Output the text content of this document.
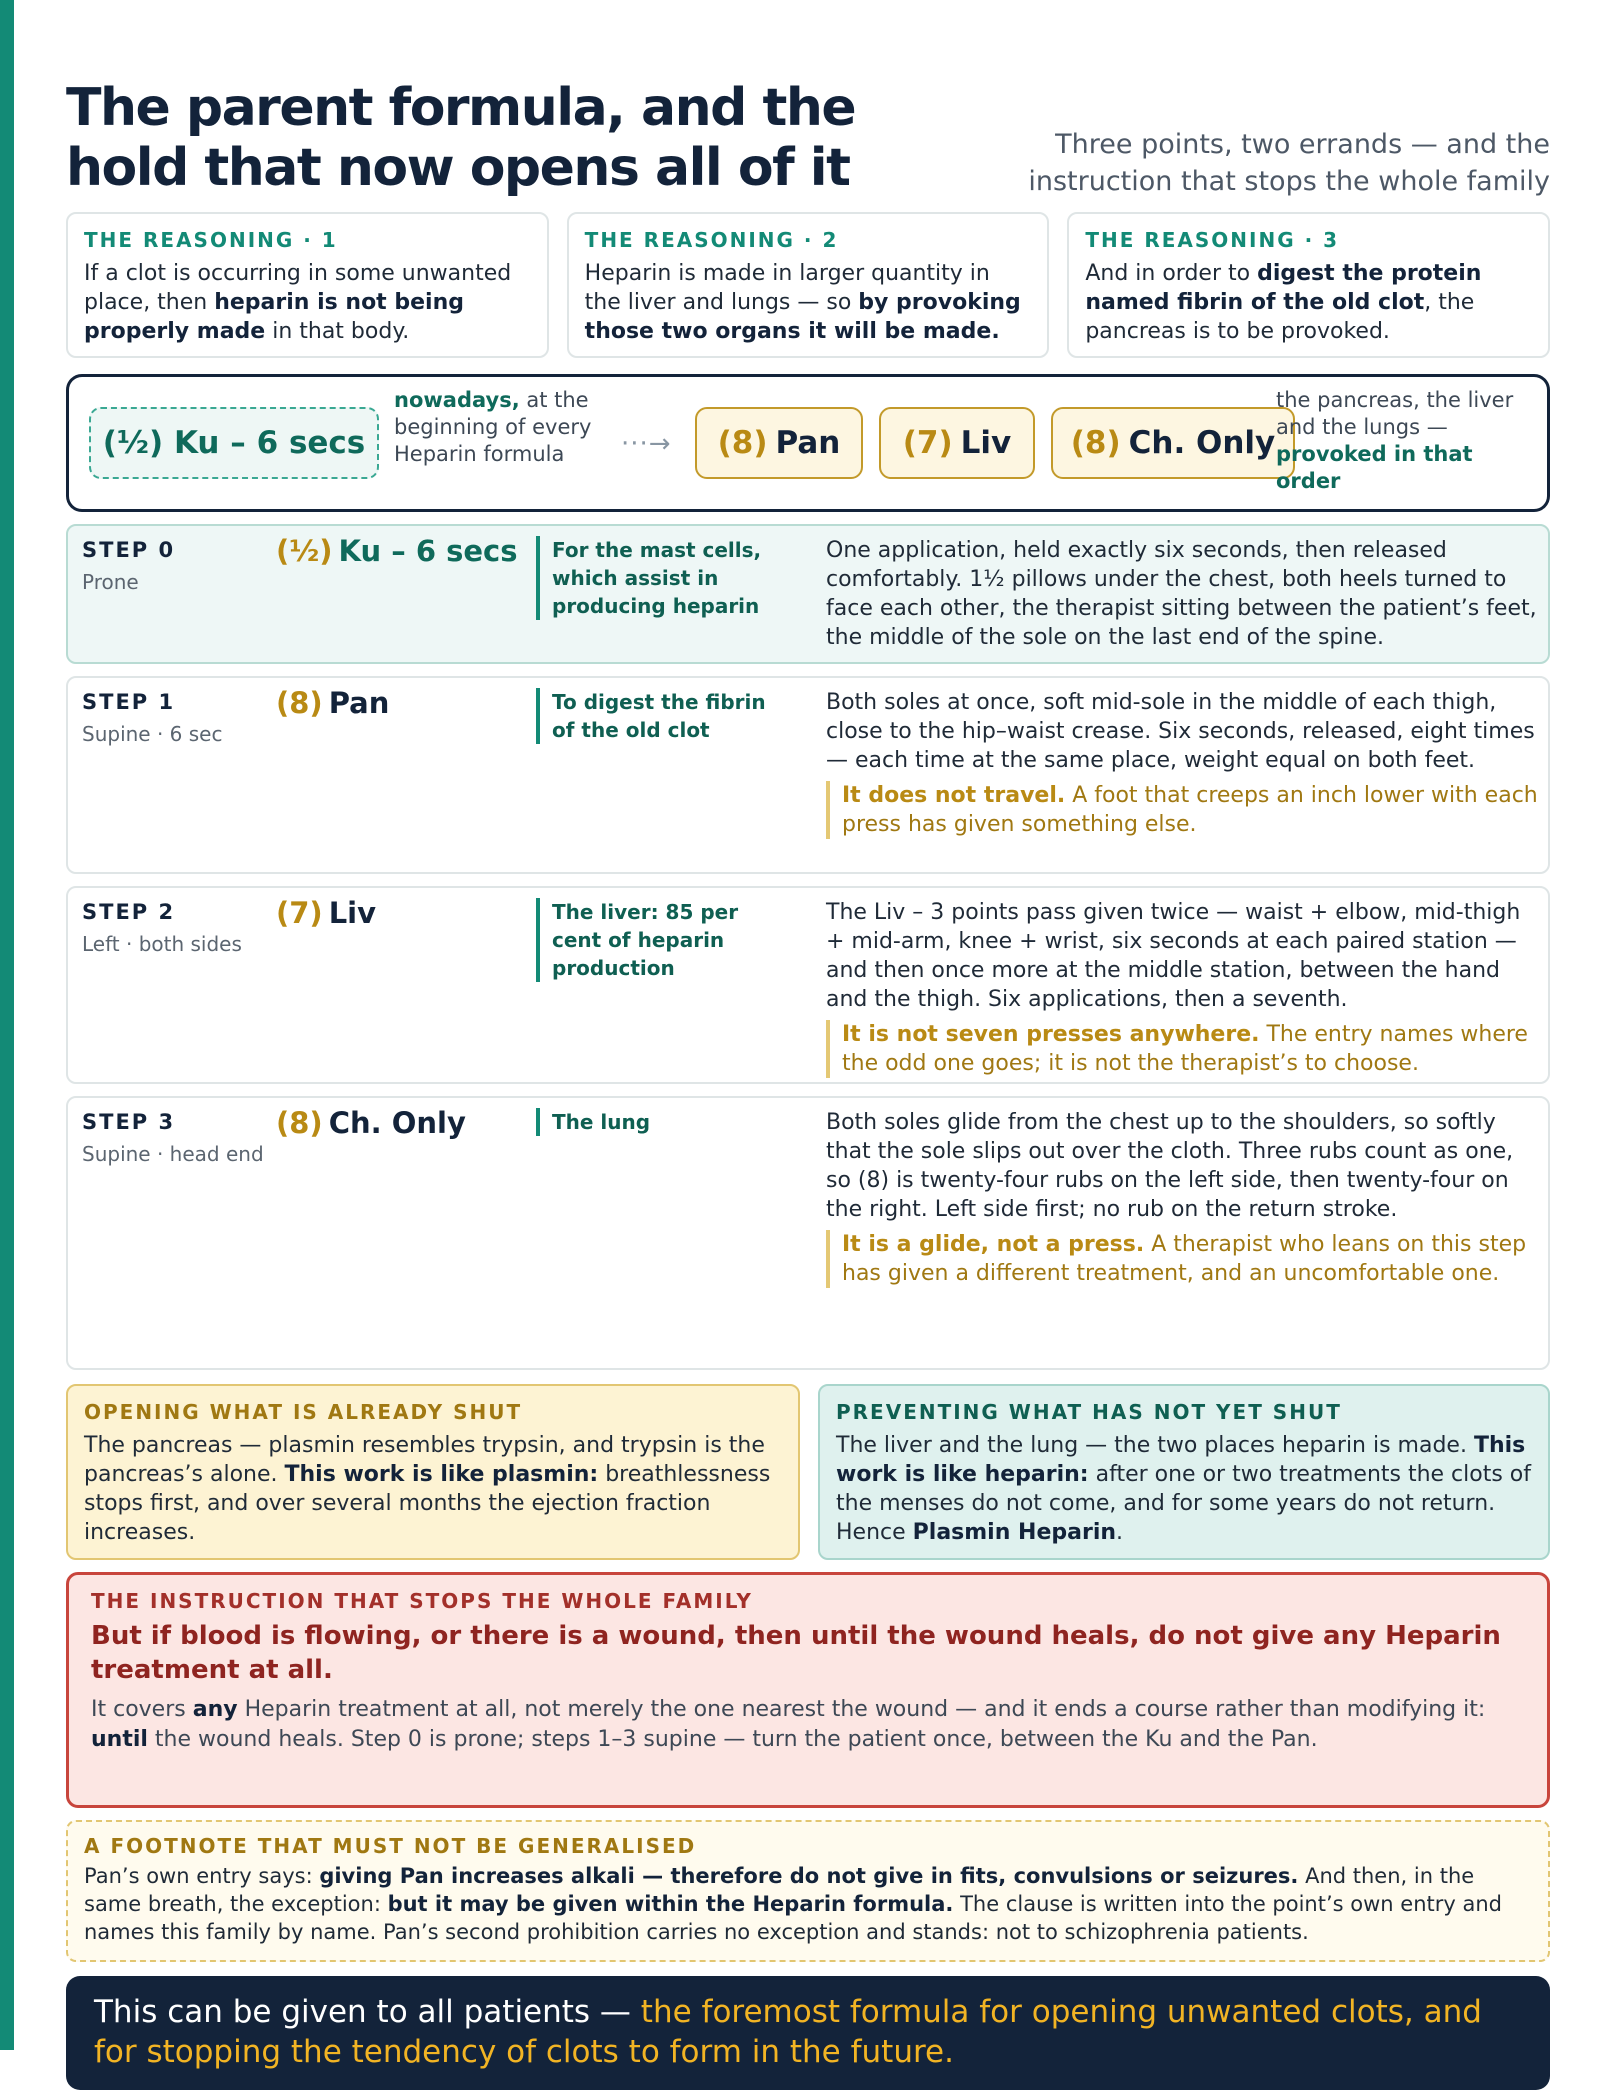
The parent formula, and the hold that now opens all of it	Three points, two errands — and the instruction that stops the whole family
THE REASONING · 1
If a clot is occurring in some unwanted place, then heparin is not being properly made in that body.
THE REASONING · 2
Heparin is made in larger quantity in the liver and lungs — so by provoking those two organs it will be made.
THE REASONING · 3
And in order to digest the protein named fibrin of the old clot, the pancreas is to be provoked.
(½)
Ku – 6 secs
nowadays, at the beginning of every Heparin formula	···→ (8) Pan (7) Liv (8) Ch. Only
the pancreas, the liver and the lungs — provoked in that order
STEP 0
Prone
(½) Ku – 6 secs	For the mast cells, which assist in producing heparin
One application, held exactly six seconds, then released comfortably. 1½ pillows under the chest, both heels turned to face each other, the therapist sitting between the patient’s feet, the middle of the sole on the last end of the spine.
STEP 1
Supine · 6 sec
(8) Pan	To digest the fibrin of the old clot
Both soles at once, soft mid-sole in the middle of each thigh, close to the hip–waist crease. Six seconds, released, eight times — each time at the same place, weight equal on both feet.
It does not travel. A foot that creeps an inch lower with each press has given something else.
STEP 2
Left · both sides
(7) Liv	The liver: 85 per cent of heparin production
The Liv – 3 points pass given twice — waist + elbow, mid-thigh + mid-arm, knee + wrist, six seconds at each paired station — and then once more at the middle station, between the hand and the thigh. Six applications, then a seventh.
It is not seven presses anywhere. The entry names where the odd one goes; it is not the therapist’s to choose.
STEP 3
Supine · head end
(8) Ch. Only	The lung	Both soles glide from the chest up to the shoulders, so softly that the sole slips out over the cloth. Three rubs count as one, so (8) is twenty-four rubs on the left side, then twenty-four on the right. Left side first; no rub on the return stroke.
It is a glide, not a press. A therapist who leans on this step has given a different treatment, and an uncomfortable one.
OPENING WHAT IS ALREADY SHUT
The pancreas — plasmin resembles trypsin, and trypsin is the pancreas’s alone. This work is like plasmin: breathlessness stops first, and over several months the ejection fraction increases.
PREVENTING WHAT HAS NOT YET SHUT
The liver and the lung — the two places heparin is made. This work is like heparin: after one or two treatments the clots of the menses do not come, and for some years do not return. Hence Plasmin Heparin.
THE INSTRUCTION THAT STOPS THE WHOLE FAMILY
But if blood is flowing, or there is a wound, then until the wound heals, do not give any Heparin treatment at all.
It covers any Heparin treatment at all, not merely the one nearest the wound — and it ends a course rather than modifying it: until the wound heals. Step 0 is prone; steps 1–3 supine — turn the patient once, between the Ku and the Pan.
A FOOTNOTE THAT MUST NOT BE GENERALISED
Pan’s own entry says: giving Pan increases alkali — therefore do not give in fits, convulsions or seizures. And then, in the same breath, the exception: but it may be given within the Heparin formula. The clause is written into the point’s own entry and names this family by name. Pan’s second prohibition carries no exception and stands: not to schizophrenia patients.
This can be given to all patients — the foremost formula for opening unwanted clots, and for stopping the tendency of clots to form in the future.
